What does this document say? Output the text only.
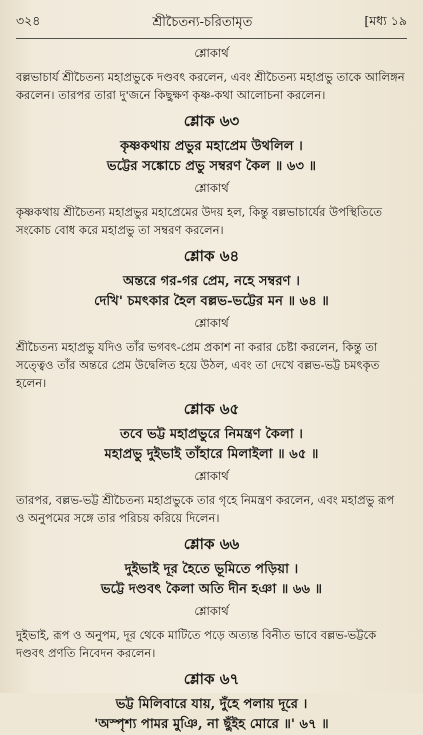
৩২৪	শ্রীচৈতন্য-চরিতামৃত	[মধ্য ১৯
শ্লোকার্থ
বল্লভাচার্য শ্রীচৈতন্য মহাপ্রভুকে দণ্ডবৎ করলেন, এবং শ্রীচৈতন্য মহাপ্রভু তাকে আলিঙ্গন
করলেন। তারপর তারা দু'জনে কিছুক্ষণ কৃষ্ণ-কথা আলোচনা করলেন।
শ্লোক ৬৩
কৃষ্ণকথায় প্রভুর মহাপ্রেম উথলিল ।
ভট্টের সঙ্কোচে প্রভু সম্বরণ কৈল ॥ ৬৩ ॥
শ্লোকার্থ
কৃষ্ণকথায় শ্রীচৈতন্য মহাপ্রভুর মহাপ্রেমের উদয় হল, কিন্তু বল্লভাচার্যের উপস্থিতিতে
সংকোচ বোধ করে মহাপ্রভু তা সম্বরণ করলেন।
শ্লোক ৬৪
অন্তরে গর-গর প্রেম, নহে সম্বরণ ।
দেখি' চমৎকার হৈল বল্লভ-ভট্টের মন ॥ ৬৪ ॥
শ্লোকার্থ
শ্রীচৈতন্য মহাপ্রভু যদিও তাঁর ভগবৎ-প্রেম প্রকাশ না করার চেষ্টা করলেন, কিন্তু তা
সত্ত্বেও তাঁর অন্তরে প্রেম উদ্বেলিত হয়ে উঠল, এবং তা দেখে বল্লভ-ভট্ট চমৎকৃত হলেন।
শ্লোক ৬৫
তবে ভট্ট মহাপ্রভুরে নিমন্ত্রণ কৈলা ।
মহাপ্রভু দুইভাই তাঁহারে মিলাইলা ॥ ৬৫ ॥
শ্লোকার্থ
তারপর, বল্লভ-ভট্ট শ্রীচৈতন্য মহাপ্রভুকে তার গৃহে নিমন্ত্রণ করলেন, এবং মহাপ্রভু রূপ
ও অনুপমের সঙ্গে তার পরিচয় করিয়ে দিলেন।
শ্লোক ৬৬
দুইভাই দূর হৈতে ভূমিতে পড়িয়া ।
ভট্টে দণ্ডবৎ কৈলা অতি দীন হঞা ॥ ৬৬ ॥
শ্লোকার্থ
দুইভাই, রূপ ও অনুপম, দূর থেকে মাটিতে পড়ে অত্যন্ত বিনীত ভাবে বল্লভ-ভট্টকে
দণ্ডবৎ প্রণতি নিবেদন করলেন।
শ্লোক ৬৭
ভট্ট মিলিবারে যায়, দুঁহে পলায় দূরে ।
'অস্পৃশ্য পামর মুঞি, না ছুঁইহ মোরে ॥' ৬৭ ॥
